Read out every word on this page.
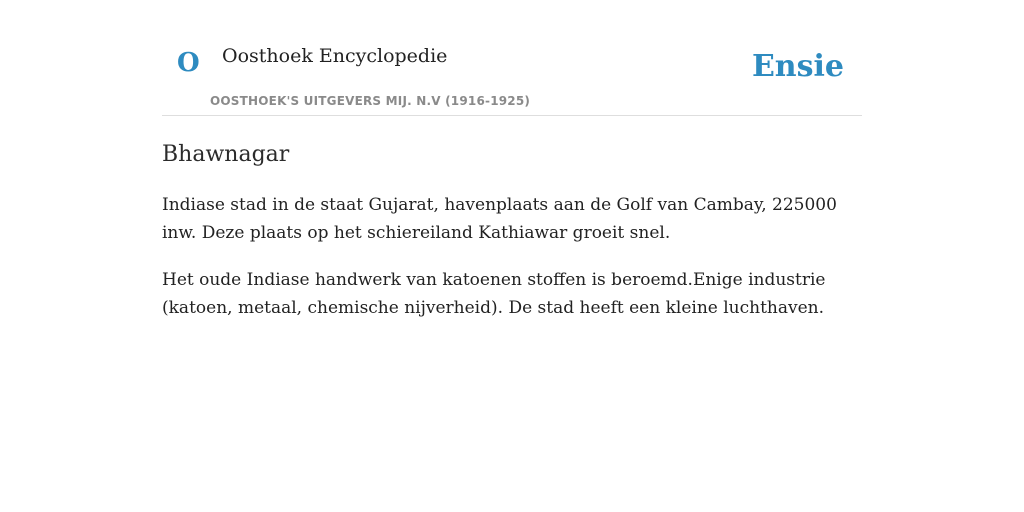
O Oosthoek Encyclopedie
OOSTHOEK'S UITGEVERS MIJ. N.V (1916-1925)
Ensie
Bhawnagar

Indiase stad in de staat Gujarat, havenplaats aan de Golf van Cambay, 225000 inw. Deze plaats op het schiereiland Kathiawar groeit snel.

Het oude Indiase handwerk van katoenen stoffen is beroemd.Enige industrie (katoen, metaal, chemische nijverheid). De stad heeft een kleine luchthaven.
